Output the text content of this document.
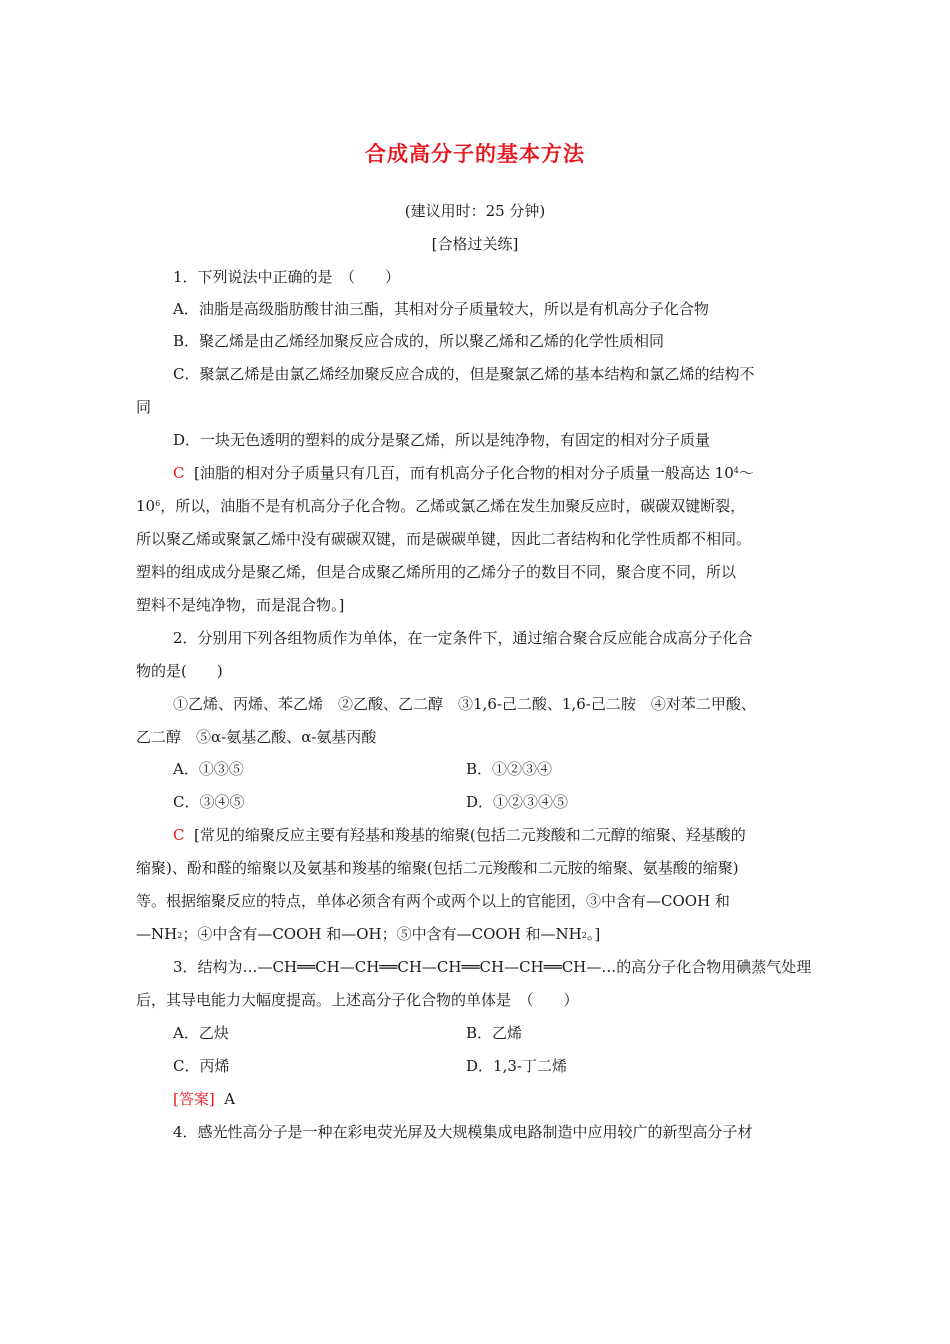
合成高分子的基本方法
(建议用时：25 分钟)
[合格过关练]
1．下列说法中正确的是　（　　）
A．油脂是高级脂肪酸甘油三酯，其相对分子质量较大，所以是有机高分子化合物
B．聚乙烯是由乙烯经加聚反应合成的，所以聚乙烯和乙烯的化学性质相同
C．聚氯乙烯是由氯乙烯经加聚反应合成的，但是聚氯乙烯的基本结构和氯乙烯的结构不
同
D．一块无色透明的塑料的成分是聚乙烯，所以是纯净物，有固定的相对分子质量
C [油脂的相对分子质量只有几百，而有机高分子化合物的相对分子质量一般高达 $10^4\sim$
$10^6$，所以，油脂不是有机高分子化合物。乙烯或氯乙烯在发生加聚反应时，碳碳双键断裂，
所以聚乙烯或聚氯乙烯中没有碳碳双键，而是碳碳单键，因此二者结构和化学性质都不相同。
塑料的组成成分是聚乙烯，但是合成聚乙烯所用的乙烯分子的数目不同，聚合度不同，所以
塑料不是纯净物，而是混合物。]
2．分别用下列各组物质作为单体，在一定条件下，通过缩合聚合反应能合成高分子化合
物的是(　　)
①乙烯、丙烯、苯乙烯　②乙酸、乙二醇　③1,6-己二酸、1,6-己二胺　④对苯二甲酸、
乙二醇　⑤α-氨基乙酸、α-氨基丙酸
A．①③⑤	B．①②③④
C．③④⑤	D．①②③④⑤
C [常见的缩聚反应主要有羟基和羧基的缩聚(包括二元羧酸和二元醇的缩聚、羟基酸的
缩聚)、酚和醛的缩聚以及氨基和羧基的缩聚(包括二元羧酸和二元胺的缩聚、氨基酸的缩聚)
等。根据缩聚反应的特点，单体必须含有两个或两个以上的官能团，③中含有—COOH 和
$—NH_2$；④中含有—COOH 和—OH；⑤中含有—COOH 和$—NH_2$。]
3．结构为…—CH══CH—CH══CH—CH══CH—CH══CH—…的高分子化合物用碘蒸气处理
后，其导电能力大幅度提高。上述高分子化合物的单体是　（　　）
A．乙炔	B．乙烯
C．丙烯	D．1,3-丁二烯
[答案] A
4．感光性高分子是一种在彩电荧光屏及大规模集成电路制造中应用较广的新型高分子材
